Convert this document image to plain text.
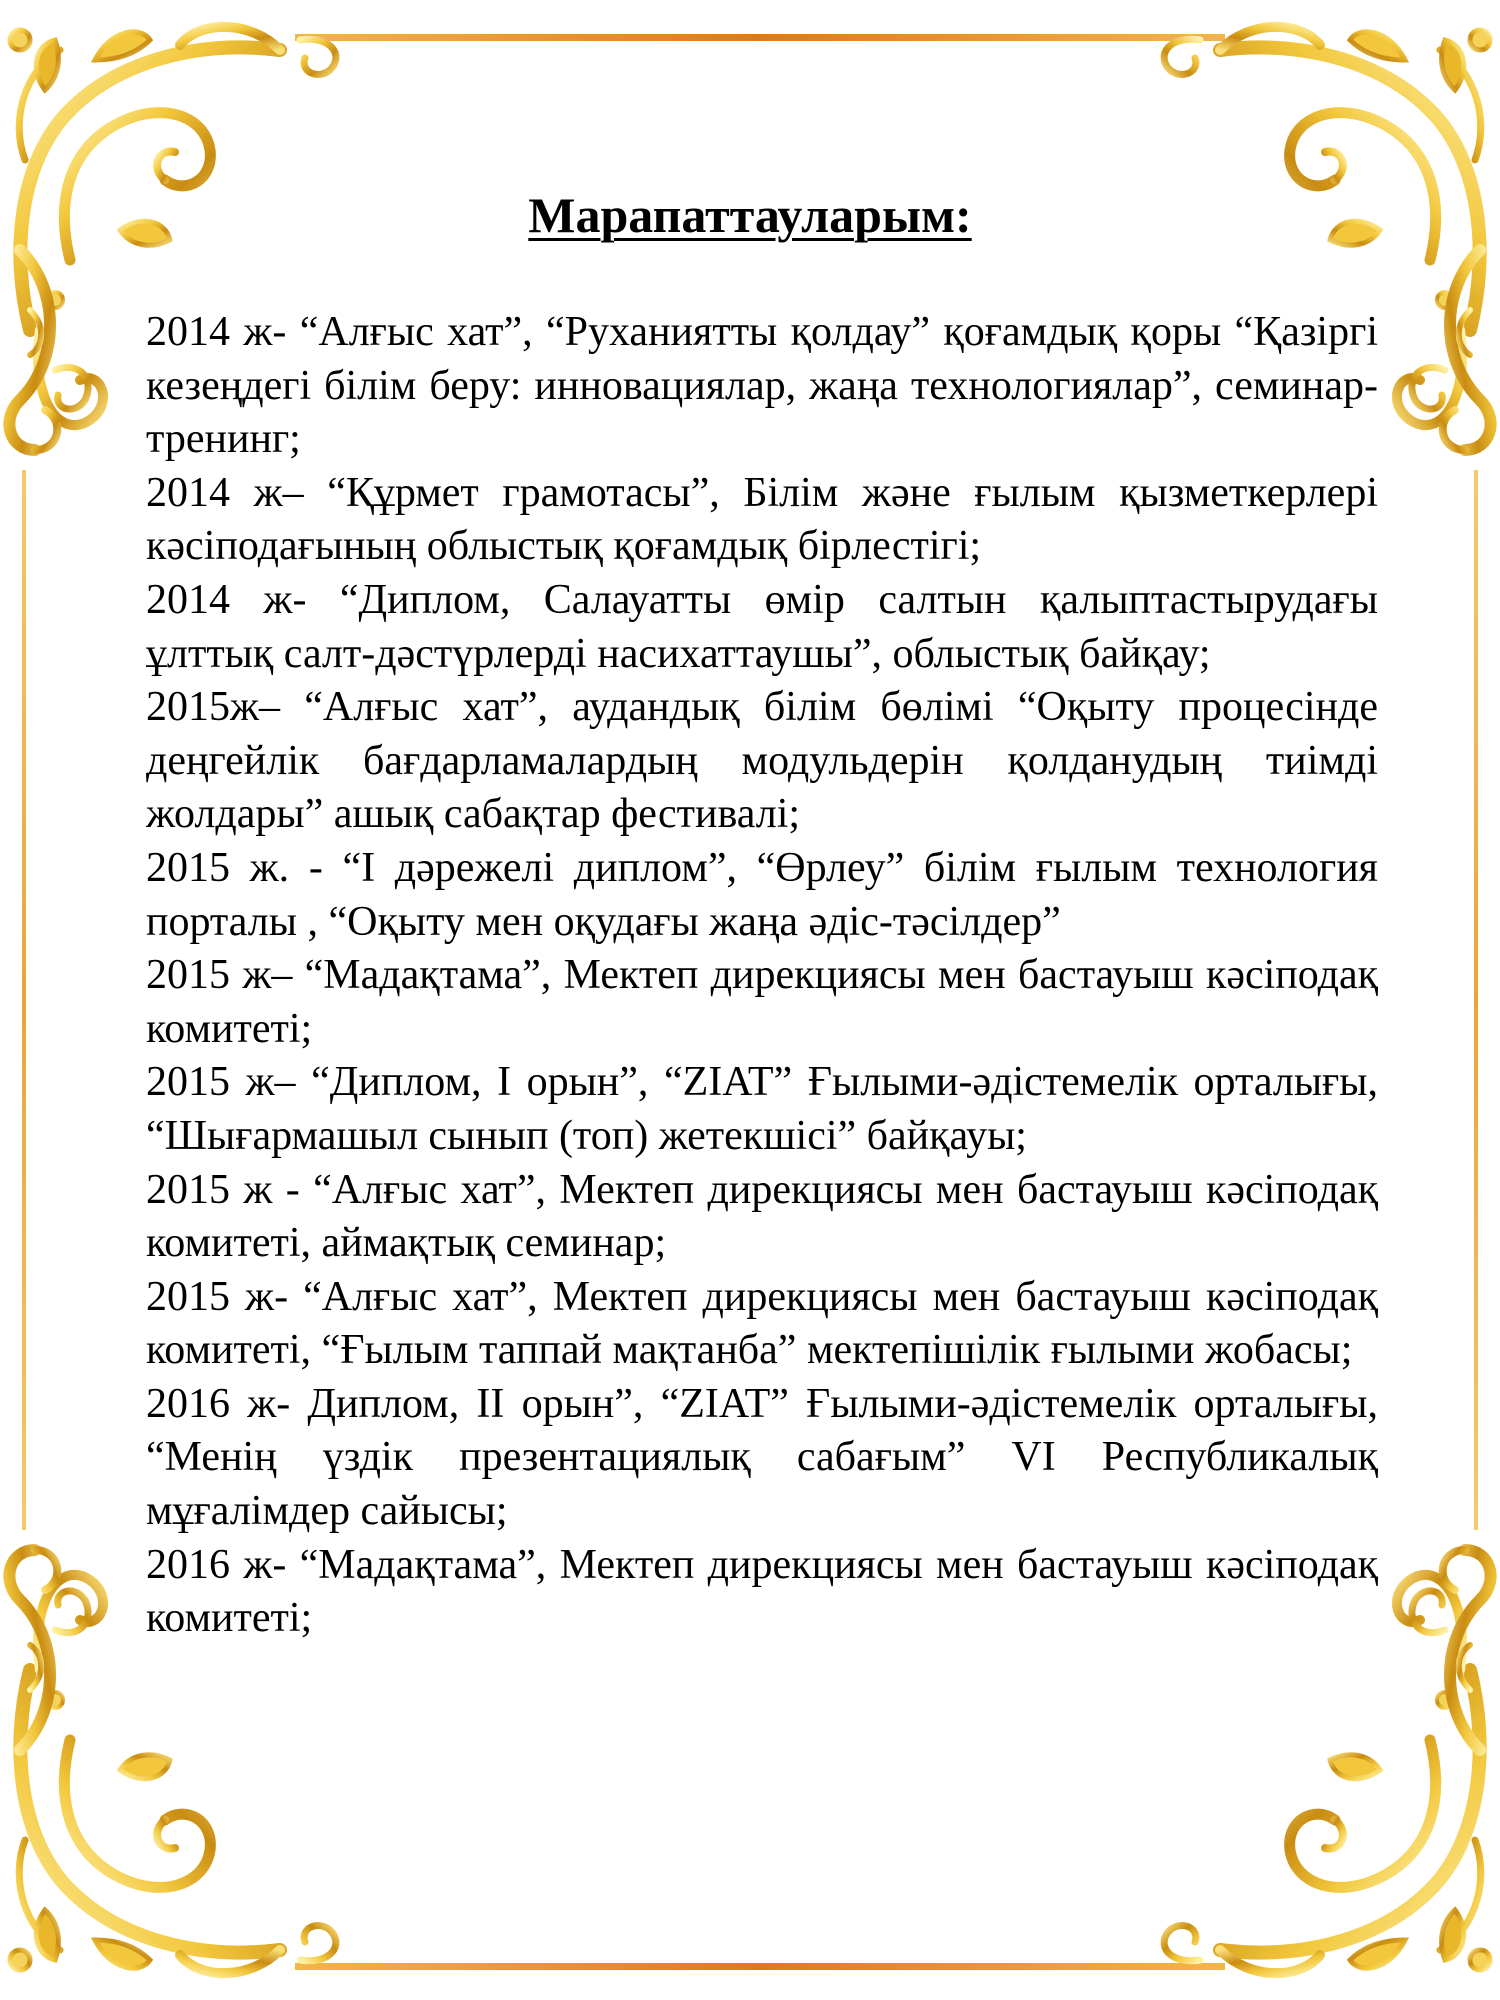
Марапаттауларым:

2014 ж- “Алғыс хат”, “Руханиятты қолдау” қоғамдық қоры “Қазіргі кезеңдегі білім беру: инновациялар, жаңа технологиялар”, семинар-тренинг;

2014 ж– “Құрмет грамотасы”, Білім және ғылым қызметкерлері кәсіподағының облыстық қоғамдық бірлестігі;

2014 ж- “Диплом, Салауатты өмір салтын қалыптастырудағы ұлттық салт-дәстүрлерді насихаттаушы”, облыстық байқау;

2015ж– “Алғыс хат”, аудандық білім бөлімі “Оқыту процесінде деңгейлік бағдарламалардың модульдерін қолданудың тиімді жолдары” ашық сабақтар фестивалі;

2015 ж. - “І дәрежелі диплом”, “Өрлеу” білім ғылым технология порталы , “Оқыту мен оқудағы жаңа әдіс-тәсілдер”

2015 ж– “Мадақтама”, Мектеп дирекциясы мен бастауыш кәсіподақ комитеті;

2015 ж– “Диплом, І орын”, “ZIAT” Ғылыми-әдістемелік орталығы, “Шығармашыл сынып (топ) жетекшісі” байқауы;

2015 ж - “Алғыс хат”, Мектеп дирекциясы мен бастауыш кәсіподақ комитеті, аймақтық семинар;

2015 ж- “Алғыс хат”, Мектеп дирекциясы мен бастауыш кәсіподақ комитеті, “Ғылым таппай мақтанба” мектепішілік ғылыми жобасы;

2016 ж- Диплом, ІІ орын”, “ZIAT” Ғылыми-әдістемелік орталығы, “Менің үздік презентациялық сабағым” VI Республикалық мұғалімдер сайысы;

2016 ж- “Мадақтама”, Мектеп дирекциясы мен бастауыш кәсіподақ комитеті;
